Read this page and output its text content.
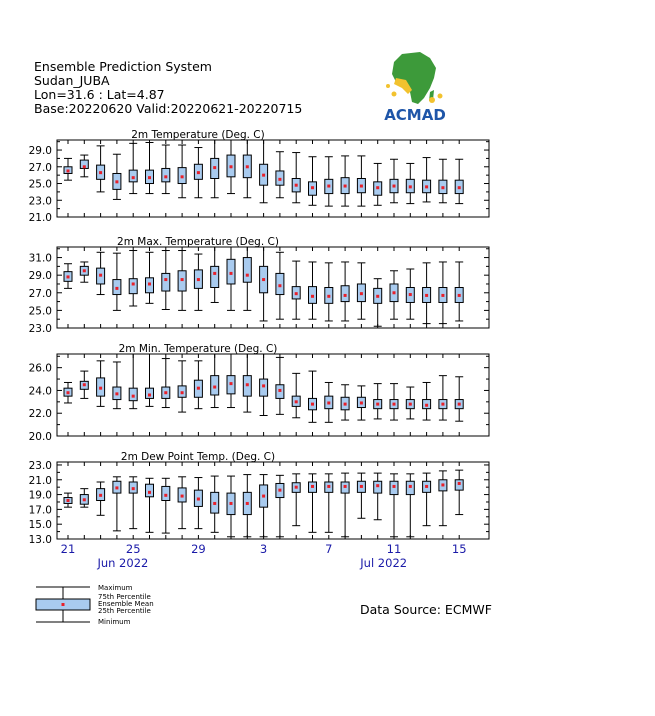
Ensemble Prediction System
Sudan_JUBA
Lon=31.6 : Lat=4.87
Base:20220620 Valid:20220621-20220715	ACMAD
21.0
23.0
25.0
27.0
29.0
2m Temperature (Deg. C)
23.0
25.0
27.0
29.0
31.0
2m Max. Temperature (Deg. C)
20.0
22.0
24.0
26.0
2m Min. Temperature (Deg. C)
13.0
15.0
17.0
19.0
21.0
23.0
2m Dew Point Temp. (Deg. C)
21	25	29	3	7	11	15
Jun 2022	Jul 2022
Maximum
75th Percentile
Ensemble Mean
25th Percentile
Minimum
Data Source: ECMWF
